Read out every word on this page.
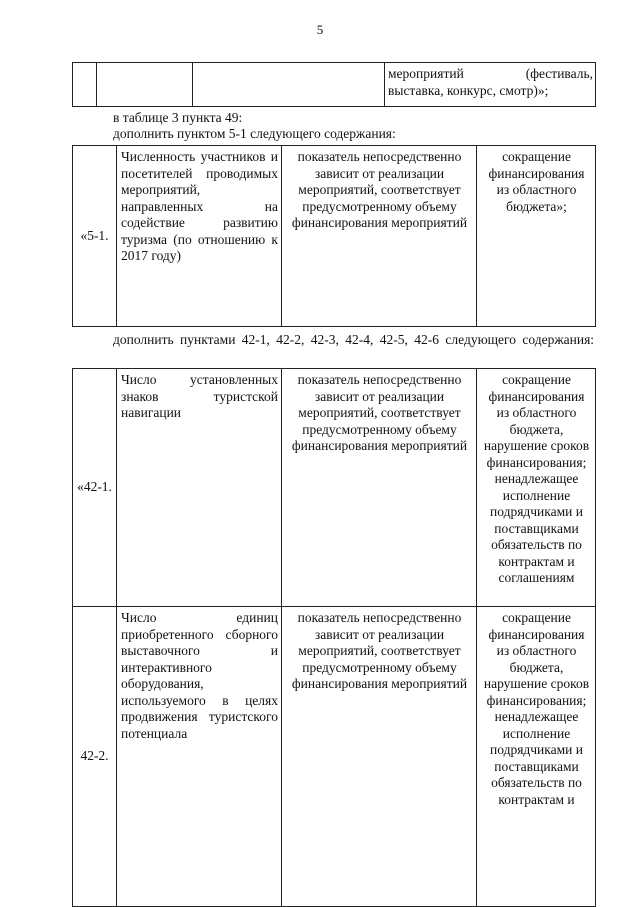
5

мероприятий (фестиваль,
выставка, конкурс, смотр)»;

в таблице 3 пункта 49:

дополнить пунктом 5-1 следующего содержания:

«5-1.	Численность участников и посетителей проводимых мероприятий, направленных на содействие развитию туризма (по отношению к 2017 году)	показатель непосредственно зависит от реализации мероприятий, соответствует предусмотренному объему финансирования мероприятий	сокращение финансирования из областного бюджета»;

дополнить пунктами 42-1, 42-2, 42-3, 42-4, 42-5, 42-6 следующего содержания:

«42-1.	Число установленных знаков туристской навигации	показатель непосредственно зависит от реализации мероприятий, соответствует предусмотренному объему финансирования мероприятий	сокращение финансирования из областного бюджета, нарушение сроков финансирования; ненадлежащее исполнение подрядчиками и поставщиками обязательств по контрактам и соглашениям
42-2.	Число единиц приобретенного сборного выставочного и интерактивного оборудования, используемого в целях продвижения туристского потенциала	показатель непосредственно зависит от реализации мероприятий, соответствует предусмотренному объему финансирования мероприятий	сокращение финансирования из областного бюджета, нарушение сроков финансирования; ненадлежащее исполнение подрядчиками и поставщиками обязательств по контрактам и
